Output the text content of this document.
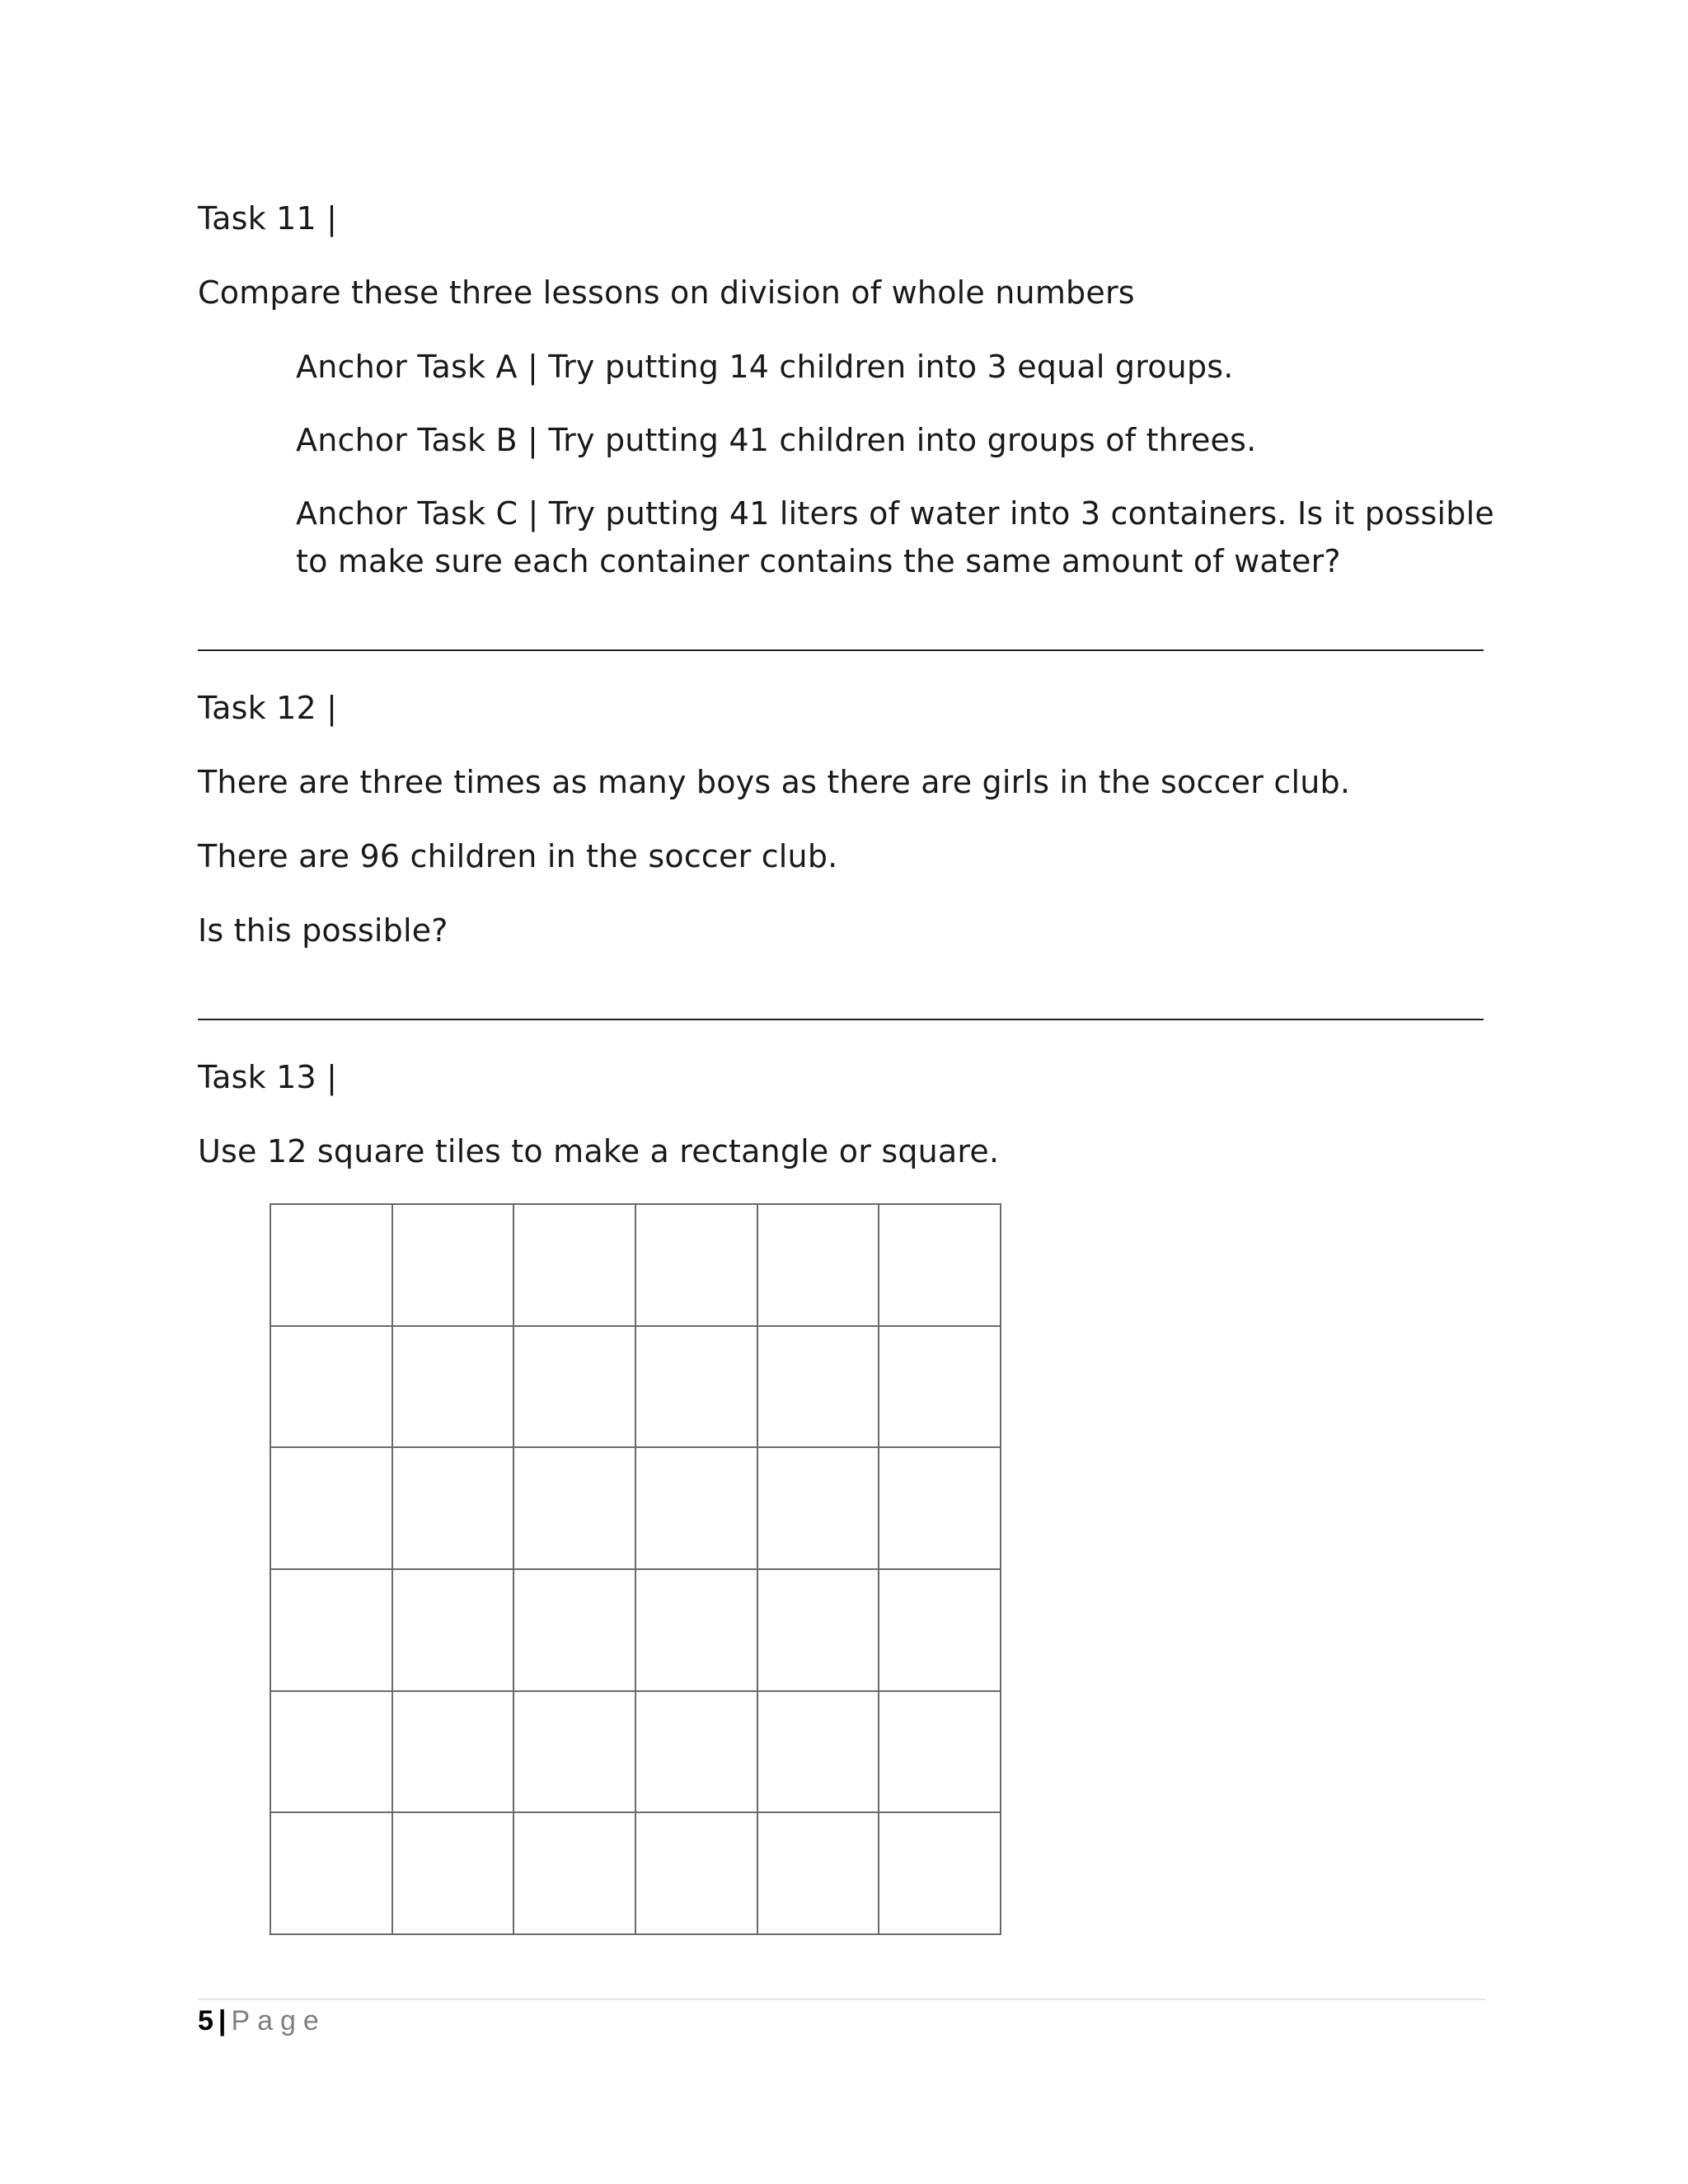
Task 11 |
Compare these three lessons on division of whole numbers
Anchor Task A | Try putting 14 children into 3 equal groups.
Anchor Task B | Try putting 41 children into groups of threes.
Anchor Task C | Try putting 41 liters of water into 3 containers. Is it possible to make sure each container contains the same amount of water?
Task 12 |
There are three times as many boys as there are girls in the soccer club.
There are 96 children in the soccer club.
Is this possible?
Task 13 |
Use 12 square tiles to make a rectangle or square.
5 | Page
